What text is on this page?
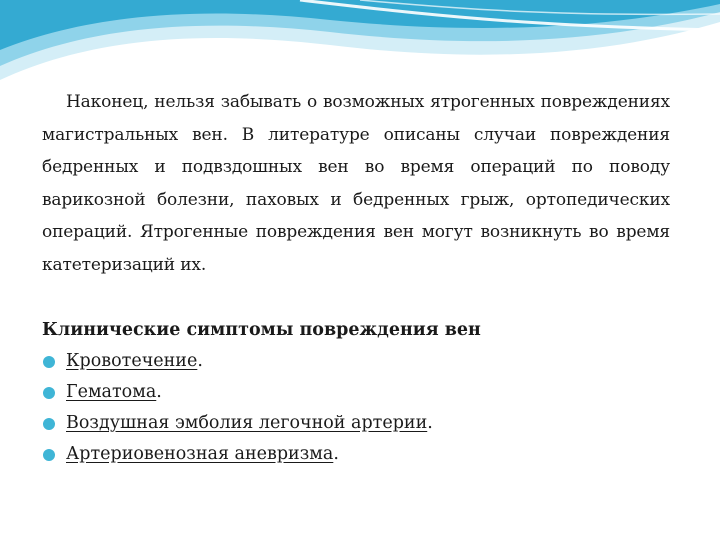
Наконец, нельзя забывать о возможных ятрогенных повреждениях магистральных вен. В литературе описаны случаи повреждения бедренных и подвздошных вен во время операций по поводу варикозной болезни, паховых и бедренных грыж, ортопедических операций. Ятрогенные повреждения вен могут возникнуть во время катетеризаций их.

Клинические симптомы повреждения вен
Кровотечение.
Гематома.
Воздушная эмболия легочной артерии.
Артериовенозная аневризма.
